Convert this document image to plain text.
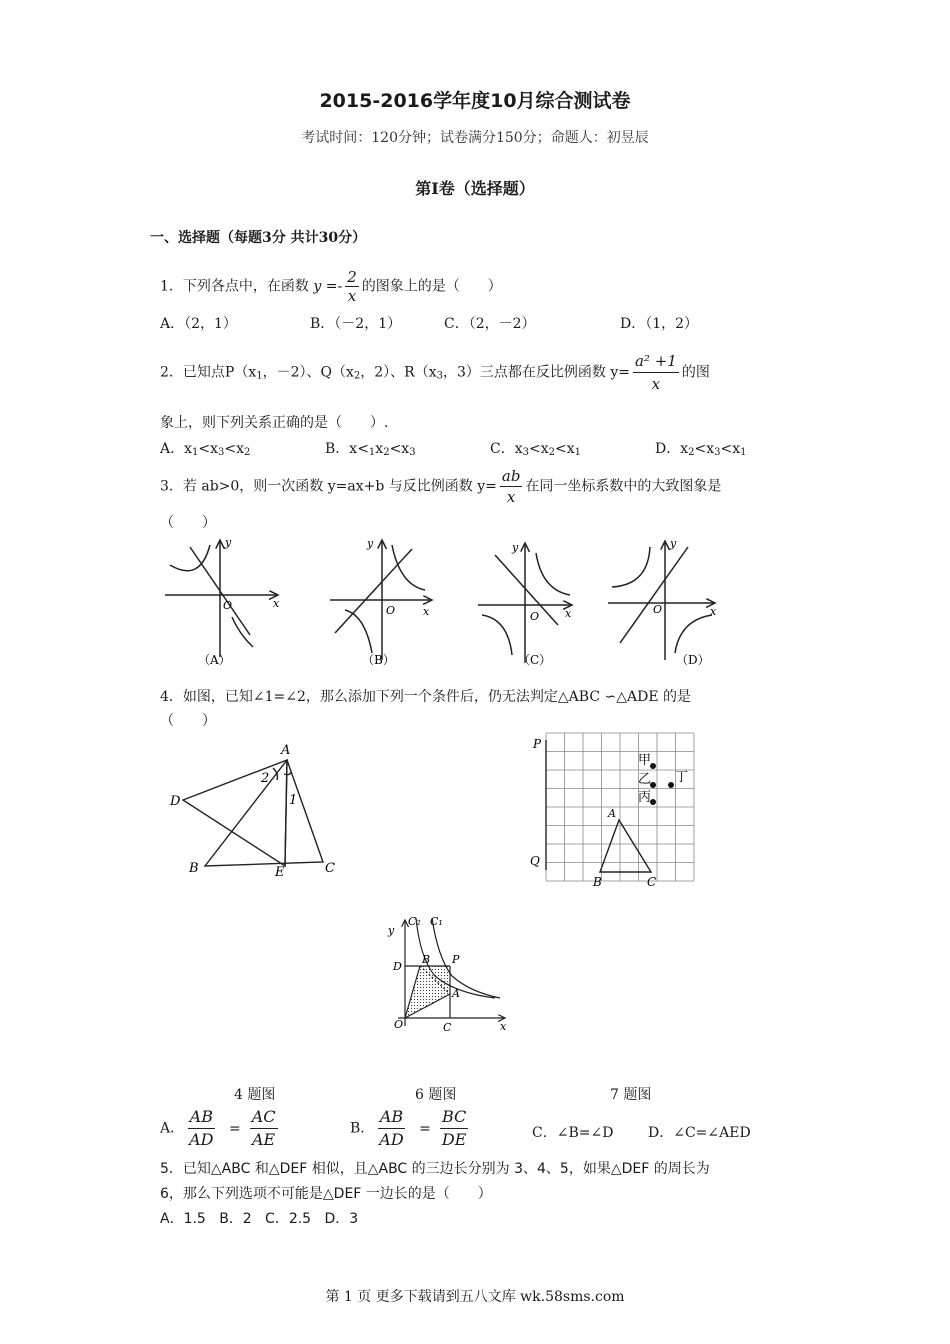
2015-2016学年度10月综合测试卷
考试时间：120分钟；试卷满分150分；命题人：初昱辰
第Ⅰ卷（选择题）
一、选择题（每题3分 共计30分）
1．下列各点中，在函数 $y =- \frac{2}{x}$ 的图象上的是（　　）
A．（2，1）	B．（－2，1）	C．（2，－2）	D．（1，2）
2．已知点$P(x_1$，－2）、$Q(x_2$，2）、$R(x_3$，3）三点都在反比例函数 $y= \frac{\text{a² +1}}{x}$ 的图
象上，则下列关系正确的是（　　）.
A．$x_1<x_3<x_2$	B．$x<_1x_2<x_3$	C．$x_3<x_2<x_1$	D．$x_2<x_3<x_1$
3．若 ab>0，则一次函数 y=ax+b 与反比例函数 $y= \frac{ab}{x}$ 在同一坐标系数中的大致图象是
（　　）
O	x
y
（A）
O	x
y
（B）
O x
y
（C）
O	x
y
（D）
4．如图，已知∠1=∠2，那么添加下列一个条件后，仍无法判定△ABC ∽△ADE 的是
（　　）
A
D
B	E	C
2
1
P
Q
A
B	C
甲
乙
丙
丁
C₂ C₁
y
x
D
B P
A
O	C
4 题图	6 题图	7 题图
A． $\frac{AB}{AD} = \frac{AC}{AE}$	B． $\frac{AB}{AD} = \frac{BC}{DE}$	C．∠B=∠D D．∠C=∠AED
5．已知△ABC 和△DEF 相似，且△ABC 的三边长分别为 3、4、5，如果△DEF 的周长为
6，那么下列选项不可能是△DEF 一边长的是（　　）
A．1.5   B．2   C．2.5   D．3
第 1 页 更多下载请到五八文库 wk.58sms.com
